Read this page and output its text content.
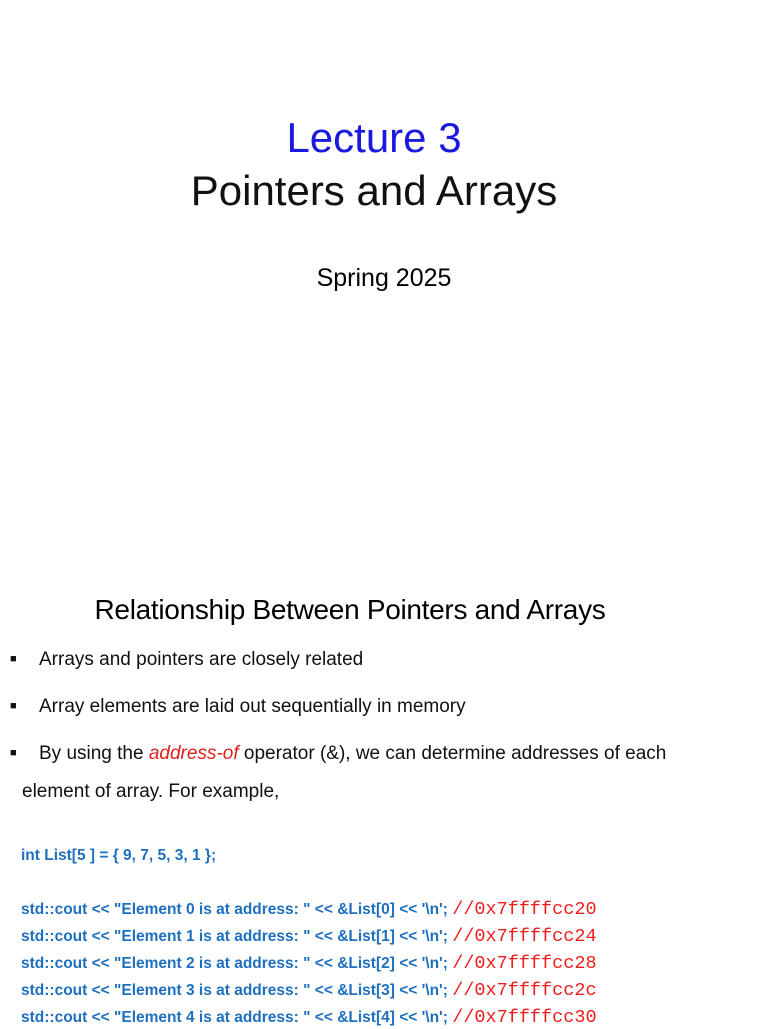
Lecture 3
Pointers and Arrays
Spring 2025
Relationship Between Pointers and Arrays
■ Arrays and pointers are closely related
■ Array elements are laid out sequentially in memory
■ By using the address-of operator (&), we can determine addresses of each
element of array. For example,
int List[5 ] = { 9, 7, 5, 3, 1 };
std::cout << "Element 0 is at address: " << &List[0] << '\n'; //0x7ffffcc20
std::cout << "Element 1 is at address: " << &List[1] << '\n'; //0x7ffffcc24
std::cout << "Element 2 is at address: " << &List[2] << '\n'; //0x7ffffcc28
std::cout << "Element 3 is at address: " << &List[3] << '\n'; //0x7ffffcc2c
std::cout << "Element 4 is at address: " << &List[4] << '\n'; //0x7ffffcc30
